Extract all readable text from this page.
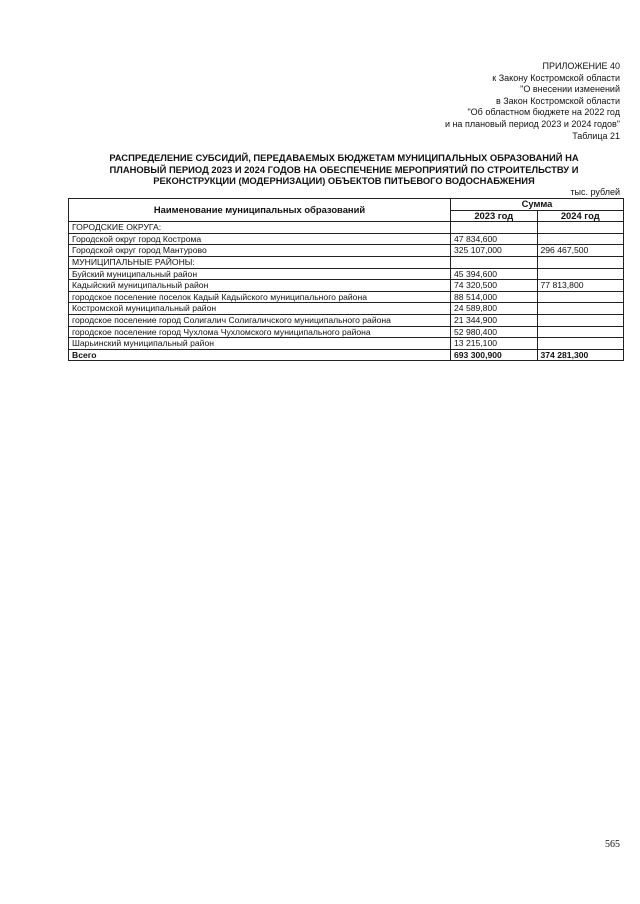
ПРИЛОЖЕНИЕ 40
к Закону Костромской области
"О внесении изменений
в Закон Костромской области
"Об областном бюджете на 2022 год
и на плановый период 2023 и 2024 годов"
Таблица 21
РАСПРЕДЕЛЕНИЕ СУБСИДИЙ, ПЕРЕДАВАЕМЫХ БЮДЖЕТАМ МУНИЦИПАЛЬНЫХ ОБРАЗОВАНИЙ НА
ПЛАНОВЫЙ ПЕРИОД 2023 И 2024 ГОДОВ НА ОБЕСПЕЧЕНИЕ МЕРОПРИЯТИЙ ПО СТРОИТЕЛЬСТВУ И
РЕКОНСТРУКЦИИ (МОДЕРНИЗАЦИИ) ОБЪЕКТОВ ПИТЬЕВОГО ВОДОСНАБЖЕНИЯ
тыс. рублей
Наименование муниципальных образований	Сумма	
	2023 год	2024 год
ГОРОДСКИЕ ОКРУГА:		
Городской округ город Кострома	47 834,600	
Городской округ город Мантурово	325 107,000	296 467,500
МУНИЦИПАЛЬНЫЕ РАЙОНЫ:		
Буйский муниципальный район	45 394,600	
Кадыйский муниципальный район	74 320,500	77 813,800
городское поселение поселок Кадый Кадыйского муниципального района	88 514,000	
Костромской муниципальный район	24 589,800	
городское поселение город Солигалич Солигаличского муниципального района	21 344,900	
городское поселение город Чухлома Чухломского муниципального района	52 980,400	
Шарьинский муниципальный район	13 215,100	
Всего	693 300,900	374 281,300
565
